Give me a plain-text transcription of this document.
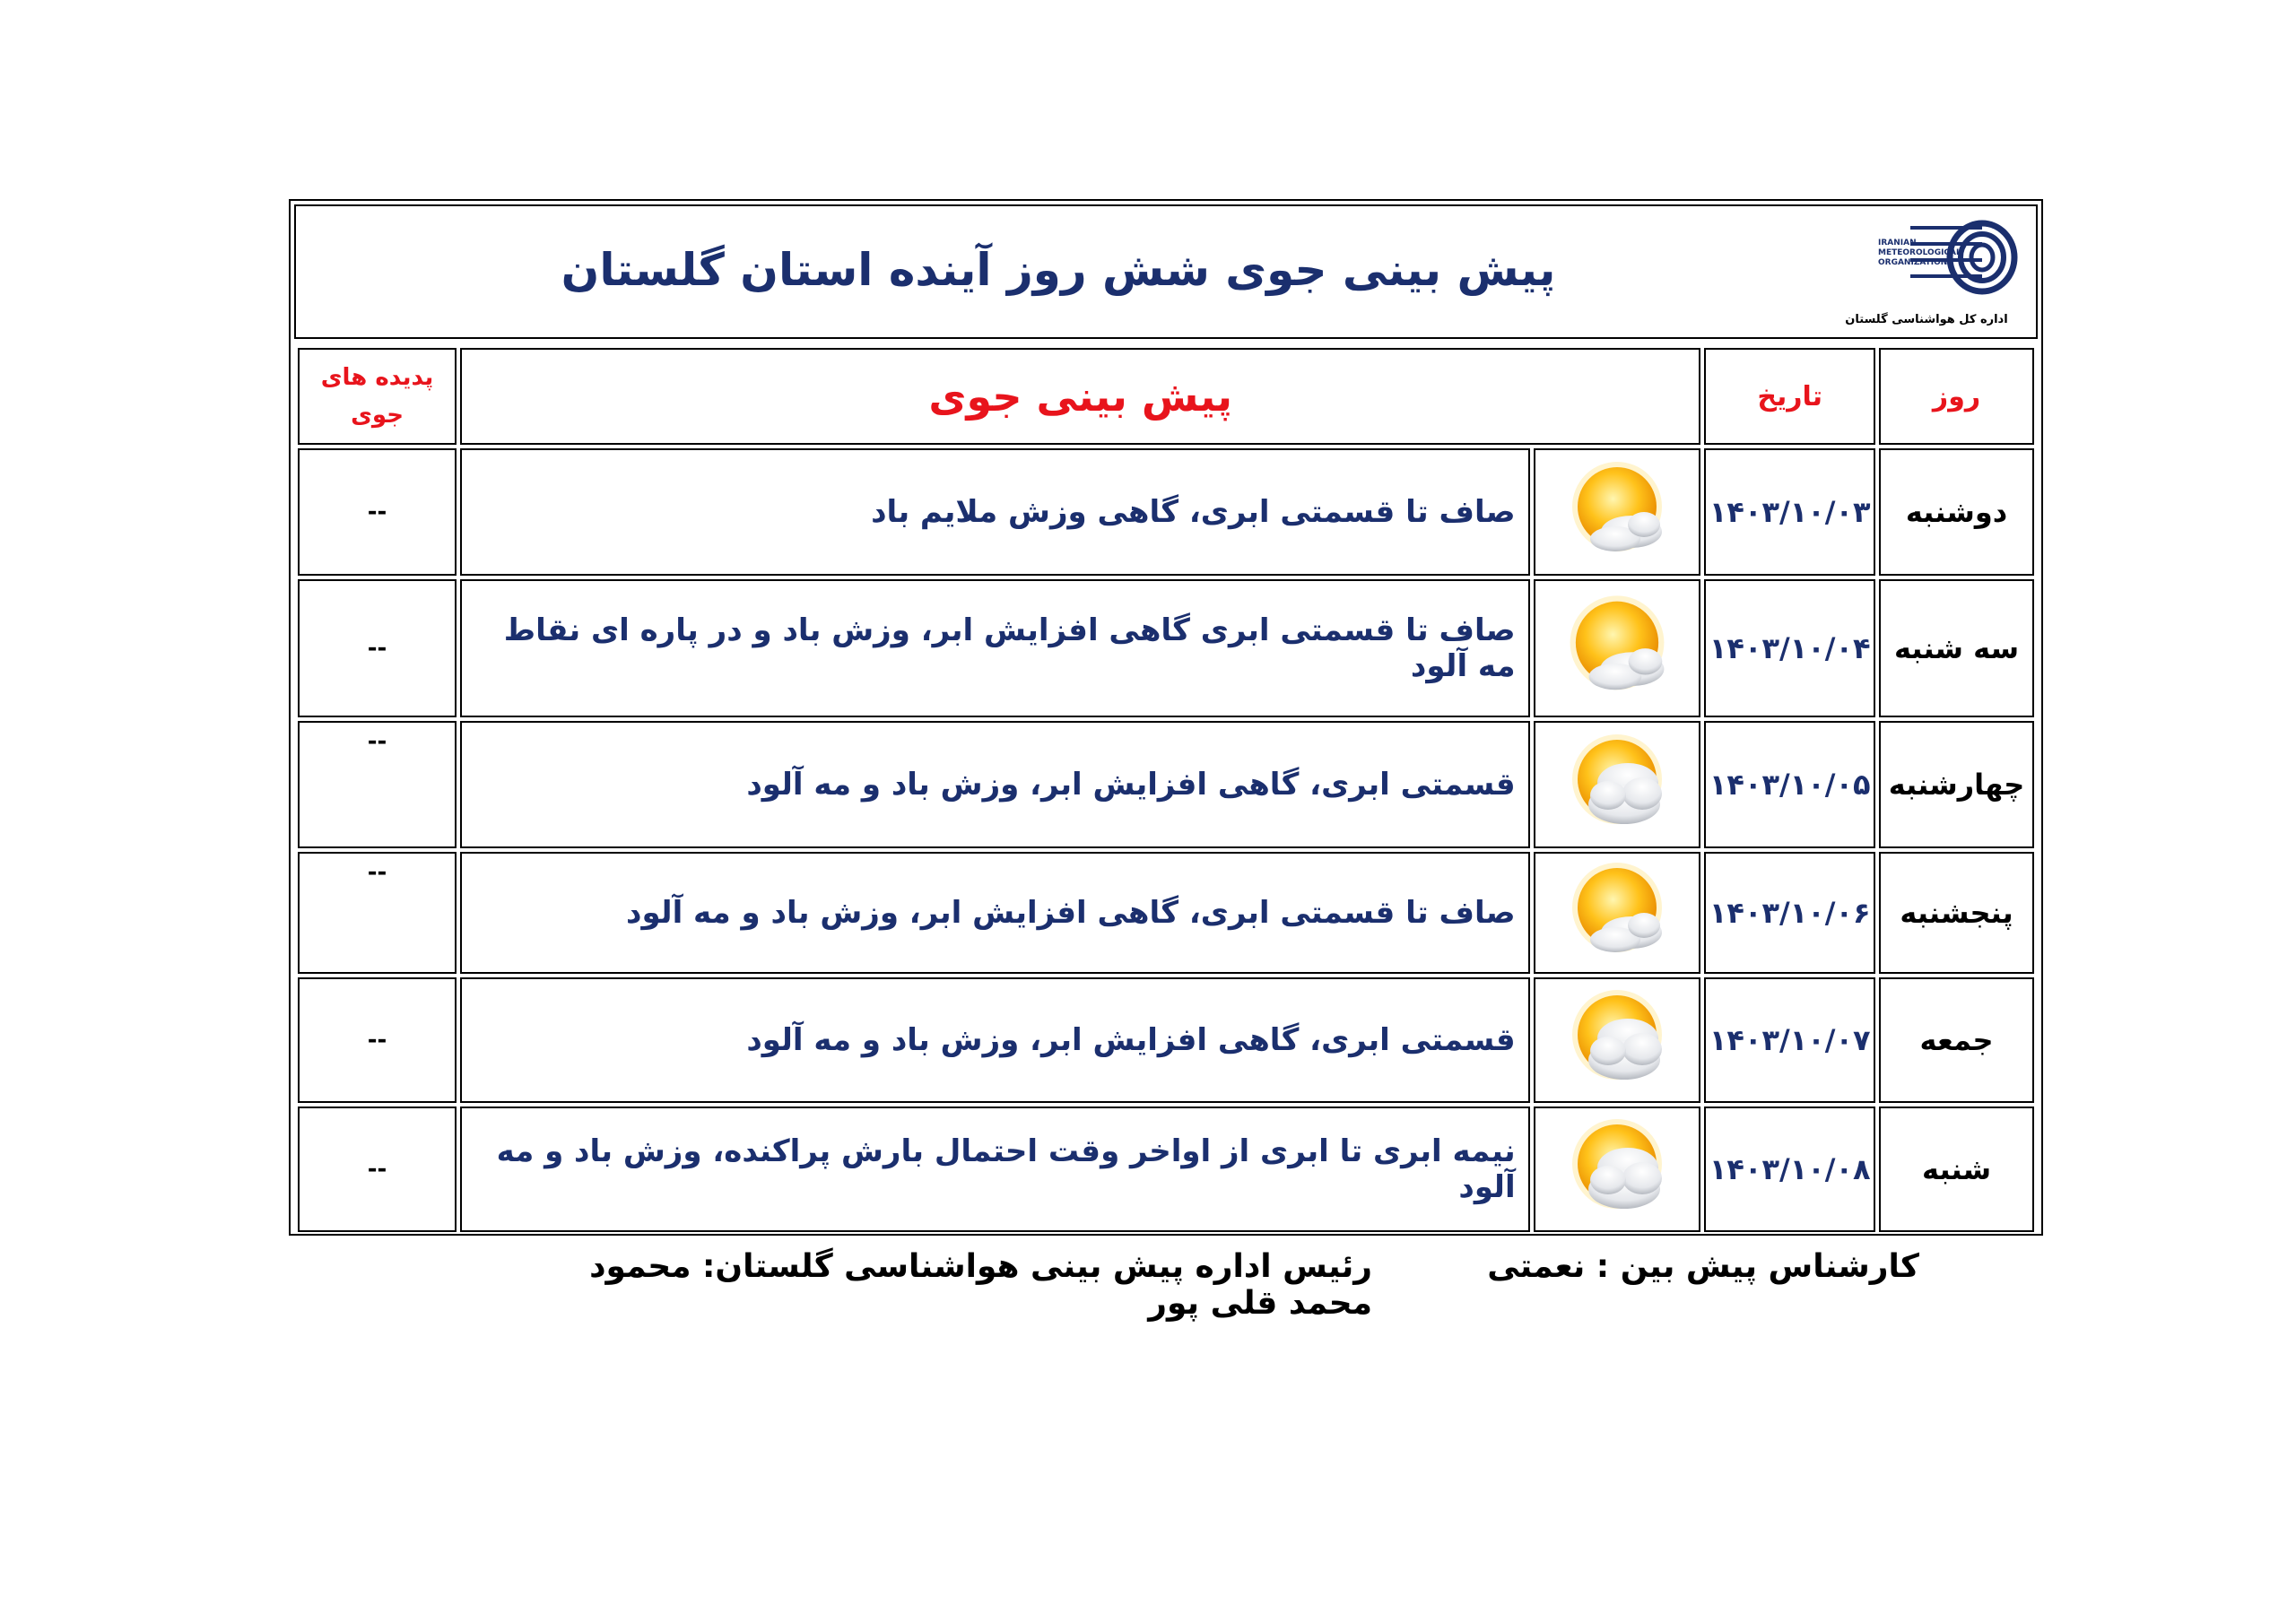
IRANIAN METEOROLOGICAL ORGANIZATION
اداره کل هواشناسی گلستان
پیش بینی جوی شش روز آینده استان گلستان
روز	تاریخ	پیش بینی جوی		پدیده های
جوی

دوشنبه	۱۴۰۳/۱۰/۰۳		صاف تا قسمتی ابری، گاهی وزش ملایم باد	--
سه شنبه	۱۴۰۳/۱۰/۰۴		صاف تا قسمتی ابری گاهی افزایش ابر، وزش باد و در پاره ای نقاط مه آلود	--
چهارشنبه	۱۴۰۳/۱۰/۰۵		قسمتی ابری، گاهی افزایش ابر، وزش باد و مه آلود	--
پنجشنبه	۱۴۰۳/۱۰/۰۶		صاف تا قسمتی ابری، گاهی افزایش ابر، وزش باد و مه آلود	--
جمعه	۱۴۰۳/۱۰/۰۷		قسمتی ابری، گاهی افزایش ابر، وزش باد و مه آلود	--
شنبه	۱۴۰۳/۱۰/۰۸		نیمه ابری تا ابری از اواخر وقت احتمال بارش پراکنده، وزش باد و مه آلود	--
کارشناس پیش بین : نعمتی
رئیس اداره پیش بینی هواشناسی گلستان: محمود محمد قلی پور
